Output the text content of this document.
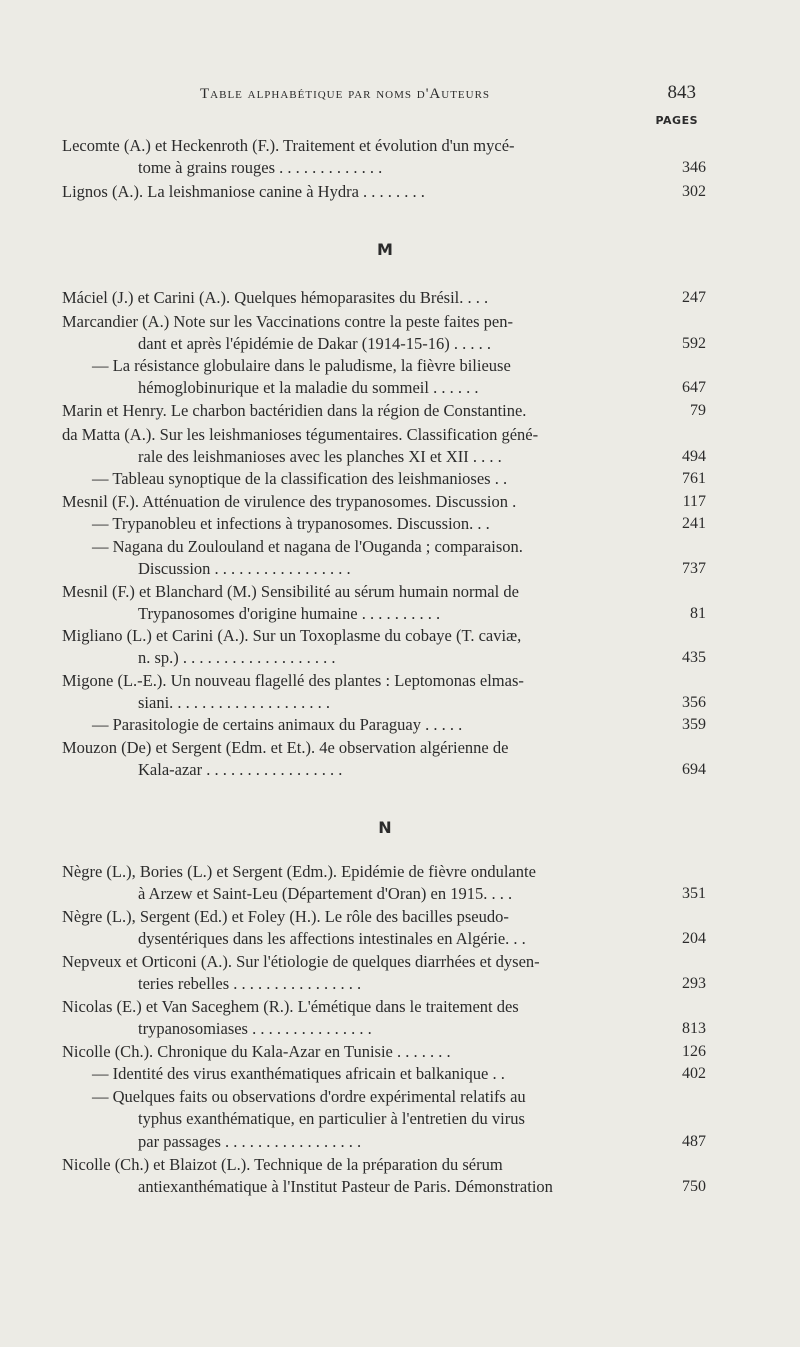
Table alphabétique par noms d'Auteurs	843
PAGES
M
N
Lecomte (A.) et Heckenroth (F.). Traitement et évolution d'un mycé-
tome à grains rouges . . . . . . . . . . . . .	346
Lignos (A.). La leishmaniose canine à Hydra . . . . . . . .	302
Máciel (J.) et Carini (A.). Quelques hémoparasites du Brésil. . . .	247
Marcandier (A.) Note sur les Vaccinations contre la peste faites pen-
dant et après l'épidémie de Dakar (1914-15-16) . . . . .	592
— La résistance globulaire dans le paludisme, la fièvre bilieuse
hémoglobinurique et la maladie du sommeil . . . . . .	647
Marin et Henry. Le charbon bactéridien dans la région de Constantine.	79
da Matta (A.). Sur les leishmanioses tégumentaires. Classification géné-
rale des leishmanioses avec les planches XI et XII . . . .	494
— Tableau synoptique de la classification des leishmanioses . .	761
Mesnil (F.). Atténuation de virulence des trypanosomes. Discussion .	117
— Trypanobleu et infections à trypanosomes. Discussion. . .	241
— Nagana du Zoulouland et nagana de l'Ouganda ; comparaison.
Discussion . . . . . . . . . . . . . . . . .	737
Mesnil (F.) et Blanchard (M.) Sensibilité au sérum humain normal de
Trypanosomes d'origine humaine . . . . . . . . . .	81
Migliano (L.) et Carini (A.). Sur un Toxoplasme du cobaye (T. caviæ,
n. sp.) . . . . . . . . . . . . . . . . . . .	435
Migone (L.-E.). Un nouveau flagellé des plantes : Leptomonas elmas-
siani. . . . . . . . . . . . . . . . . . . .	356
— Parasitologie de certains animaux du Paraguay . . . . .	359
Mouzon (De) et Sergent (Edm. et Et.). 4e observation algérienne de
Kala-azar . . . . . . . . . . . . . . . . .	694
Nègre (L.), Bories (L.) et Sergent (Edm.). Epidémie de fièvre ondulante
à Arzew et Saint-Leu (Département d'Oran) en 1915. . . .	351
Nègre (L.), Sergent (Ed.) et Foley (H.). Le rôle des bacilles pseudo-
dysentériques dans les affections intestinales en Algérie. . .	204
Nepveux et Orticoni (A.). Sur l'étiologie de quelques diarrhées et dysen-
teries rebelles . . . . . . . . . . . . . . . .	293
Nicolas (E.) et Van Saceghem (R.). L'émétique dans le traitement des
trypanosomiases . . . . . . . . . . . . . . .	813
Nicolle (Ch.). Chronique du Kala-Azar en Tunisie . . . . . . .	126
— Identité des virus exanthématiques africain et balkanique . .	402
— Quelques faits ou observations d'ordre expérimental relatifs au
typhus exanthématique, en particulier à l'entretien du virus
par passages . . . . . . . . . . . . . . . . .	487
Nicolle (Ch.) et Blaizot (L.). Technique de la préparation du sérum
antiexanthématique à l'Institut Pasteur de Paris. Démonstration	750
